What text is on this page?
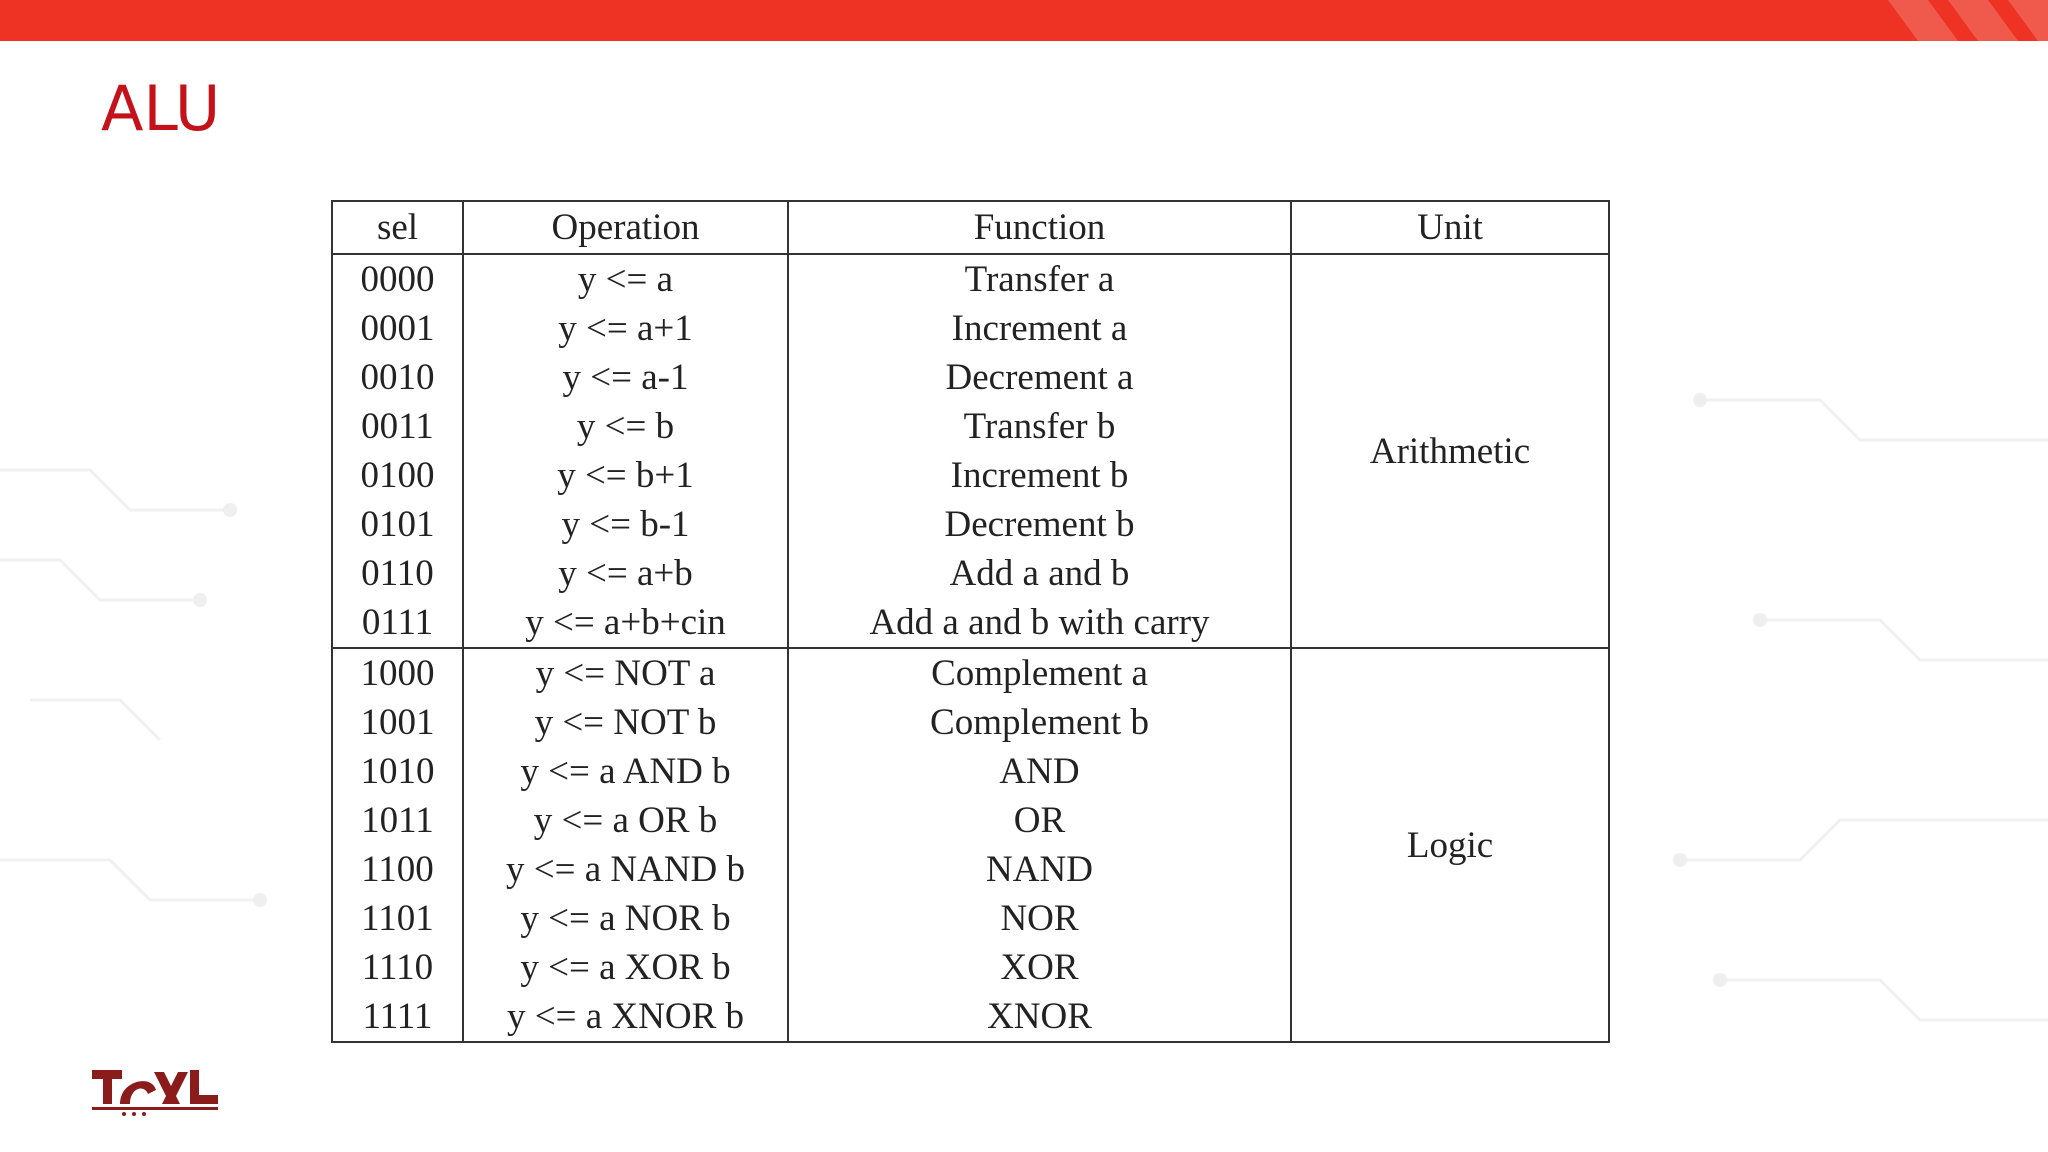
ALU
sel	Operation	Function	Unit
0000	y <= a	Transfer a	Arithmetic
0001	y <= a+1	Increment a	
0010	y <= a-1	Decrement a	
0011	y <= b	Transfer b	
0100	y <= b+1	Increment b	
0101	y <= b-1	Decrement b	
0110	y <= a+b	Add a and b	
0111	y <= a+b+cin	Add a and b with carry	
1000	y <= NOT a	Complement a	Logic
1001	y <= NOT b	Complement b	
1010	y <= a AND b	AND	
1011	y <= a OR b	OR	
1100	y <= a NAND b	NAND	
1101	y <= a NOR b	NOR	
1110	y <= a XOR b	XOR	
1111	y <= a XNOR b	XNOR	
